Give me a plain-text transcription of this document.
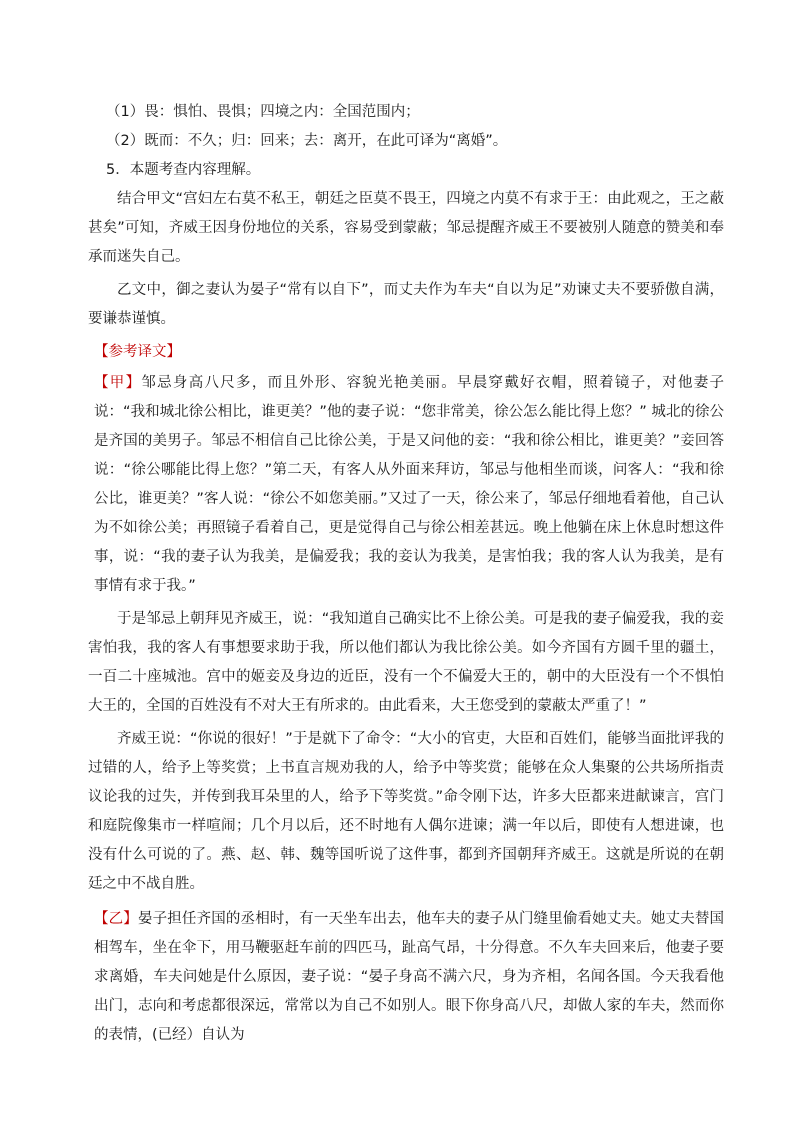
（1）畏：惧怕、畏惧；四境之内：全国范围内；

（2）既而：不久；归：回来；去：离开，在此可译为“离婚”。

5．本题考查内容理解。

结合甲文“宫妇左右莫不私王，朝廷之臣莫不畏王，四境之内莫不有求于王：由此观之，王之蔽甚矣”可知，齐威王因身份地位的关系，容易受到蒙蔽；邹忌提醒齐威王不要被别人随意的赞美和奉承而迷失自己。

乙文中，御之妻认为晏子“常有以自下”，而丈夫作为车夫“自以为足”劝谏丈夫不要骄傲自满，要谦恭谨慎。

【参考译文】

【甲】邹忌身高八尺多，而且外形、容貌光艳美丽。早晨穿戴好衣帽，照着镜子，对他妻子说：“我和城北徐公相比，谁更美？”他的妻子说：“您非常美，徐公怎么能比得上您？” 城北的徐公是齐国的美男子。邹忌不相信自己比徐公美，于是又问他的妾：“我和徐公相比，谁更美？”妾回答说：“徐公哪能比得上您？”第二天，有客人从外面来拜访，邹忌与他相坐而谈，问客人：“我和徐公比，谁更美？”客人说：“徐公不如您美丽。”又过了一天，徐公来了，邹忌仔细地看着他，自己认为不如徐公美；再照镜子看着自己，更是觉得自己与徐公相差甚远。晚上他躺在床上休息时想这件事，说：“我的妻子认为我美，是偏爱我；我的妾认为我美，是害怕我；我的客人认为我美，是有事情有求于我。”

于是邹忌上朝拜见齐威王，说：“我知道自己确实比不上徐公美。可是我的妻子偏爱我，我的妾害怕我，我的客人有事想要求助于我，所以他们都认为我比徐公美。如今齐国有方圆千里的疆土，一百二十座城池。宫中的姬妾及身边的近臣，没有一个不偏爱大王的，朝中的大臣没有一个不惧怕大王的，全国的百姓没有不对大王有所求的。由此看来，大王您受到的蒙蔽太严重了！”

齐威王说：“你说的很好！”于是就下了命令：“大小的官吏，大臣和百姓们，能够当面批评我的过错的人，给予上等奖赏；上书直言规劝我的人，给予中等奖赏；能够在众人集聚的公共场所指责议论我的过失，并传到我耳朵里的人，给予下等奖赏。”命令刚下达，许多大臣都来进献谏言，宫门和庭院像集市一样喧闹；几个月以后，还不时地有人偶尔进谏；满一年以后，即使有人想进谏，也没有什么可说的了。燕、赵、韩、魏等国听说了这件事，都到齐国朝拜齐威王。这就是所说的在朝廷之中不战自胜。

【乙】晏子担任齐国的丞相时，有一天坐车出去，他车夫的妻子从门缝里偷看她丈夫。她丈夫替国相驾车，坐在伞下，用马鞭驱赶车前的四匹马，趾高气昂，十分得意。不久车夫回来后，他妻子要求离婚，车夫问她是什么原因，妻子说：“晏子身高不满六尺，身为齐相，名闻各国。今天我看他出门，志向和考虑都很深远，常常以为自己不如别人。眼下你身高八尺，却做人家的车夫，然而你的表情，(已经）自认为
